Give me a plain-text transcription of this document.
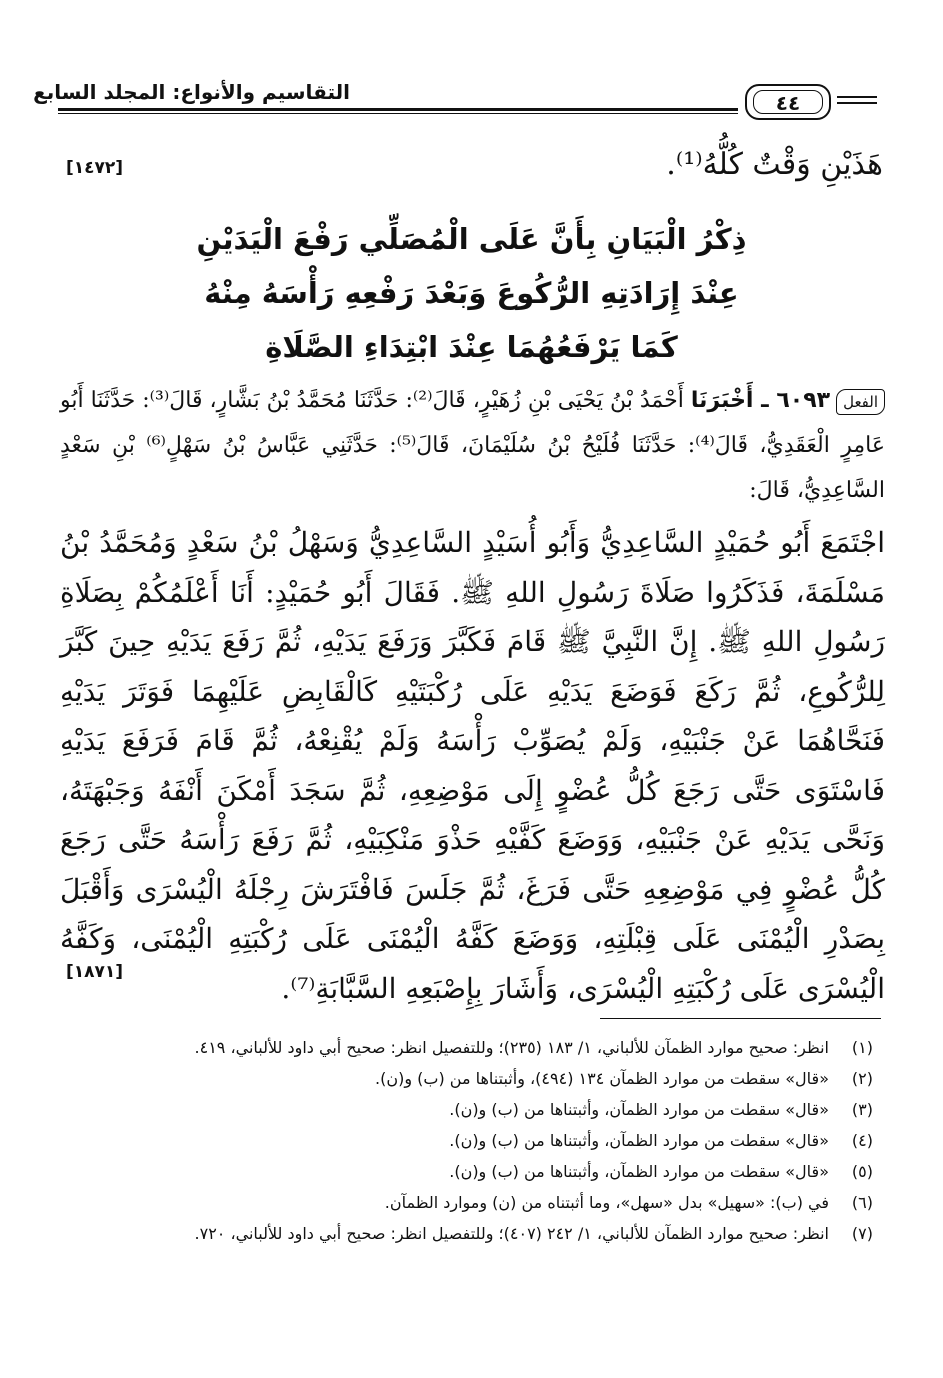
التقاسيم والأنواع: المجلد السابع	٤٤
هَذَيْنِ وَقْتٌ كُلُّهُ⁽¹⁾.
[١٤٧٢]
ذِكْرُ الْبَيَانِ بِأَنَّ عَلَى الْمُصَلِّي رَفْعَ الْيَدَيْنِ
عِنْدَ إِرَادَتِهِ الرُّكُوعَ وَبَعْدَ رَفْعِهِ رَأْسَهُ مِنْهُ
كَمَا يَرْفَعُهُمَا عِنْدَ ابْتِدَاءِ الصَّلَاةِ
الفعل٦٠٩٣ ـ أَخْبَرَنَا أَحْمَدُ بْنُ يَحْيَى بْنِ زُهَيْرٍ، قَالَ⁽²⁾: حَدَّثَنَا مُحَمَّدُ بْنُ بَشَّارٍ، قَالَ⁽³⁾: حَدَّثَنَا أَبُو عَامِرٍ الْعَقَدِيُّ، قَالَ⁽⁴⁾: حَدَّثَنَا فُلَيْحُ بْنُ سُلَيْمَانَ، قَالَ⁽⁵⁾: حَدَّثَنِي عَبَّاسُ بْنُ سَهْلٍ⁽⁶⁾ بْنِ سَعْدٍ السَّاعِدِيُّ، قَالَ:
اجْتَمَعَ أَبُو حُمَيْدٍ السَّاعِدِيُّ وَأَبُو أُسَيْدٍ السَّاعِدِيُّ وَسَهْلُ بْنُ سَعْدٍ وَمُحَمَّدُ بْنُ مَسْلَمَةَ، فَذَكَرُوا صَلَاةَ رَسُولِ اللهِ ﷺ. فَقَالَ أَبُو حُمَيْدٍ: أَنَا أَعْلَمُكُمْ بِصَلَاةِ رَسُولِ اللهِ ﷺ. إِنَّ النَّبِيَّ ﷺ قَامَ فَكَبَّرَ وَرَفَعَ يَدَيْهِ، ثُمَّ رَفَعَ يَدَيْهِ حِينَ كَبَّرَ لِلرُّكُوعِ، ثُمَّ رَكَعَ فَوَضَعَ يَدَيْهِ عَلَى رُكْبَتَيْهِ كَالْقَابِضِ عَلَيْهِمَا فَوَتَرَ يَدَيْهِ فَنَحَّاهُمَا عَنْ جَنْبَيْهِ، وَلَمْ يُصَوِّبْ رَأْسَهُ وَلَمْ يُقْنِعْهُ، ثُمَّ قَامَ فَرَفَعَ يَدَيْهِ فَاسْتَوَى حَتَّى رَجَعَ كُلُّ عُضْوٍ إِلَى مَوْضِعِهِ، ثُمَّ سَجَدَ أَمْكَنَ أَنْفَهُ وَجَبْهَتَهُ، وَنَحَّى يَدَيْهِ عَنْ جَنْبَيْهِ، وَوَضَعَ كَفَّيْهِ حَذْوَ مَنْكِبَيْهِ، ثُمَّ رَفَعَ رَأْسَهُ حَتَّى رَجَعَ كُلُّ عُضْوٍ فِي مَوْضِعِهِ حَتَّى فَرَغَ، ثُمَّ جَلَسَ فَافْتَرَشَ رِجْلَهُ الْيُسْرَى وَأَقْبَلَ بِصَدْرِ الْيُمْنَى عَلَى قِبْلَتِهِ، وَوَضَعَ كَفَّهُ الْيُمْنَى عَلَى رُكْبَتِهِ الْيُمْنَى، وَكَفَّهُ الْيُسْرَى عَلَى رُكْبَتِهِ الْيُسْرَى، وَأَشَارَ بِإِصْبَعِهِ السَّبَّابَةِ⁽⁷⁾.
[١٨٧١]
(١)
انظر: صحيح موارد الظمآن للألباني، ١/ ١٨٣ (٢٣٥)؛ وللتفصيل انظر: صحيح أبي داود للألباني، ٤١٩.
(٢)
«قال» سقطت من موارد الظمآن ١٣٤ (٤٩٤)، وأثبتناها من (ب) و(ن).
(٣)
«قال» سقطت من موارد الظمآن، وأثبتناها من (ب) و(ن).
(٤)
«قال» سقطت من موارد الظمآن، وأثبتناها من (ب) و(ن).
(٥)
«قال» سقطت من موارد الظمآن، وأثبتناها من (ب) و(ن).
(٦)
في (ب): «سهيل» بدل «سهل»، وما أثبتناه من (ن) وموارد الظمآن.
(٧)
انظر: صحيح موارد الظمآن للألباني، ١/ ٢٤٢ (٤٠٧)؛ وللتفصيل انظر: صحيح أبي داود للألباني، ٧٢٠.
